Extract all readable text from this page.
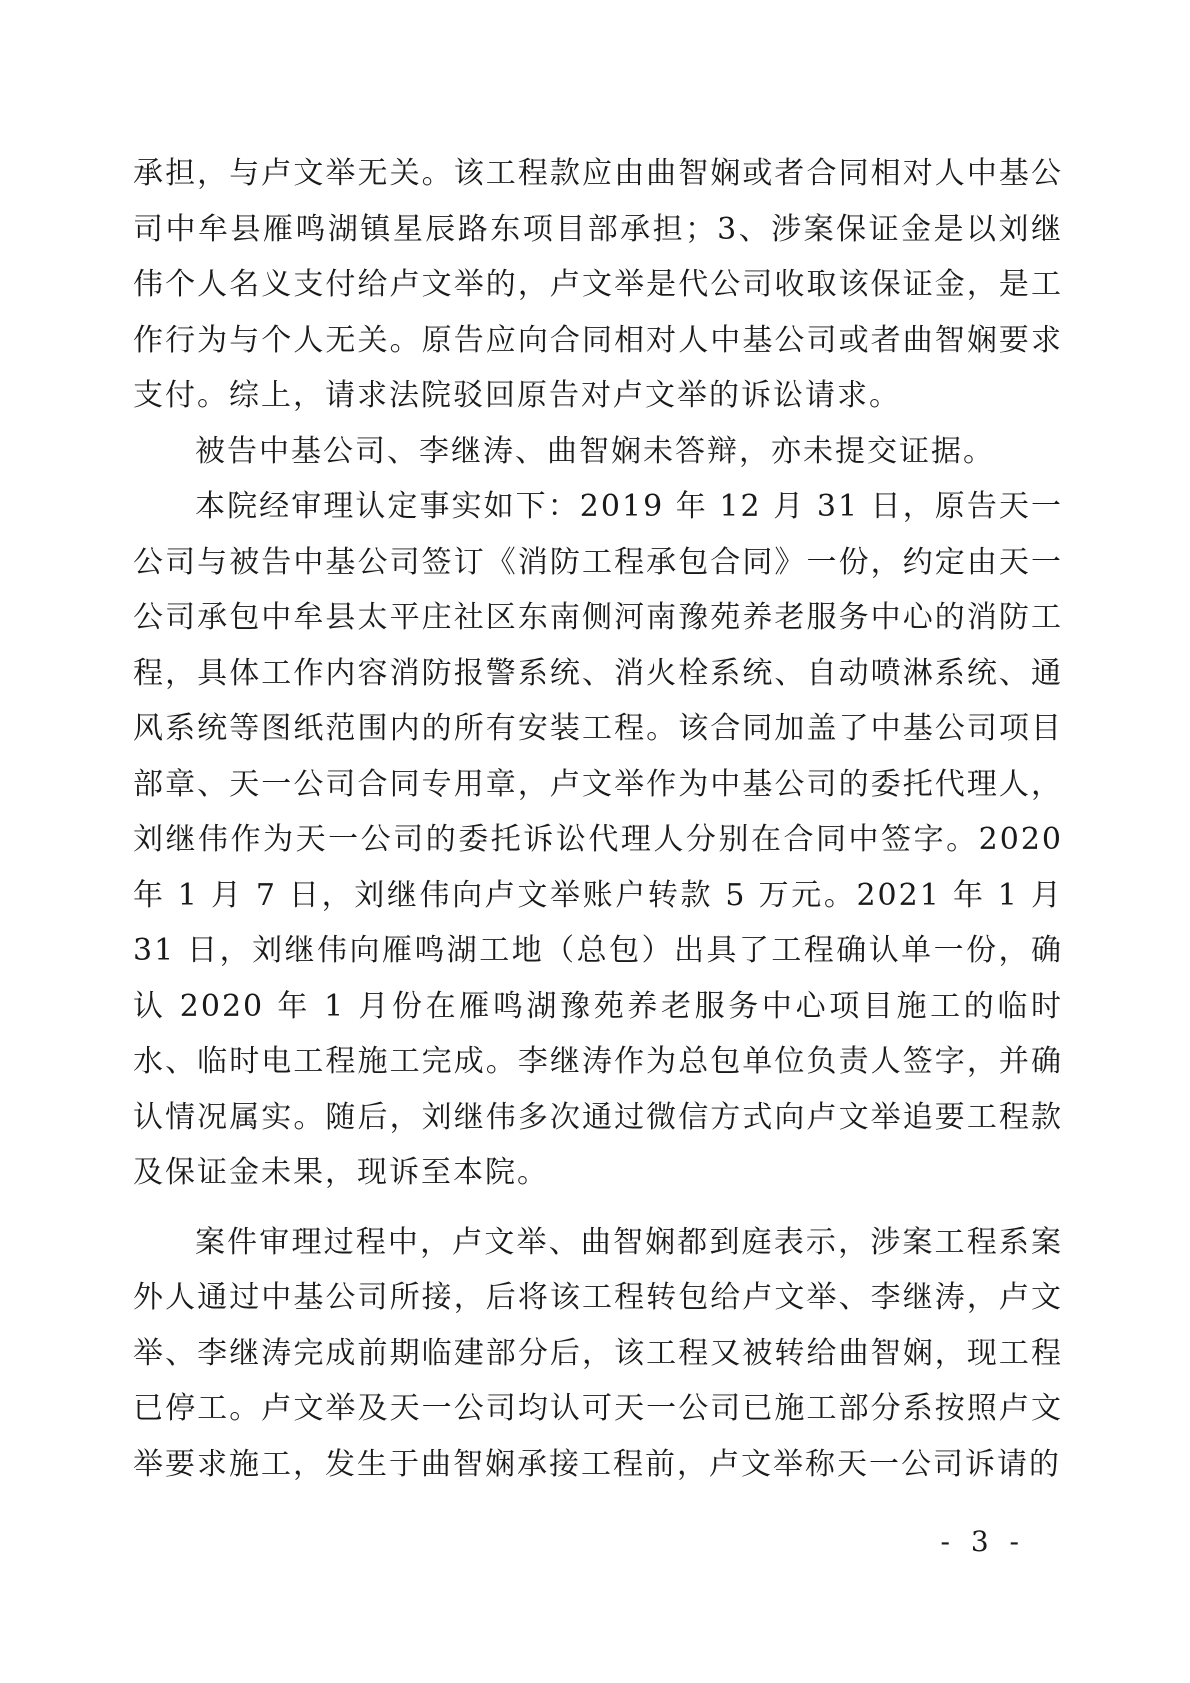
承担，与卢文举无关。该工程款应由曲智娴或者合同相对人中基公司中牟县雁鸣湖镇星辰路东项目部承担；3、涉案保证金是以刘继伟个人名义支付给卢文举的，卢文举是代公司收取该保证金，是工作行为与个人无关。原告应向合同相对人中基公司或者曲智娴要求支付。综上，请求法院驳回原告对卢文举的诉讼请求。

被告中基公司、李继涛、曲智娴未答辩，亦未提交证据。

本院经审理认定事实如下：2019 年 12 月 31 日，原告天一公司与被告中基公司签订《消防工程承包合同》一份，约定由天一公司承包中牟县太平庄社区东南侧河南豫苑养老服务中心的消防工程，具体工作内容消防报警系统、消火栓系统、自动喷淋系统、通风系统等图纸范围内的所有安装工程。该合同加盖了中基公司项目部章、天一公司合同专用章，卢文举作为中基公司的委托代理人，刘继伟作为天一公司的委托诉讼代理人分别在合同中签字。2020 年 1 月 7 日，刘继伟向卢文举账户转款 5 万元。2021 年 1 月 31 日，刘继伟向雁鸣湖工地（总包）出具了工程确认单一份，确认 2020 年 1 月份在雁鸣湖豫苑养老服务中心项目施工的临时水、临时电工程施工完成。李继涛作为总包单位负责人签字，并确认情况属实。随后，刘继伟多次通过微信方式向卢文举追要工程款及保证金未果，现诉至本院。

案件审理过程中，卢文举、曲智娴都到庭表示，涉案工程系案外人通过中基公司所接，后将该工程转包给卢文举、李继涛，卢文举、李继涛完成前期临建部分后，该工程又被转给曲智娴，现工程已停工。卢文举及天一公司均认可天一公司已施工部分系按照卢文举要求施工，发生于曲智娴承接工程前，卢文举称天一公司诉请的

- 3 -
